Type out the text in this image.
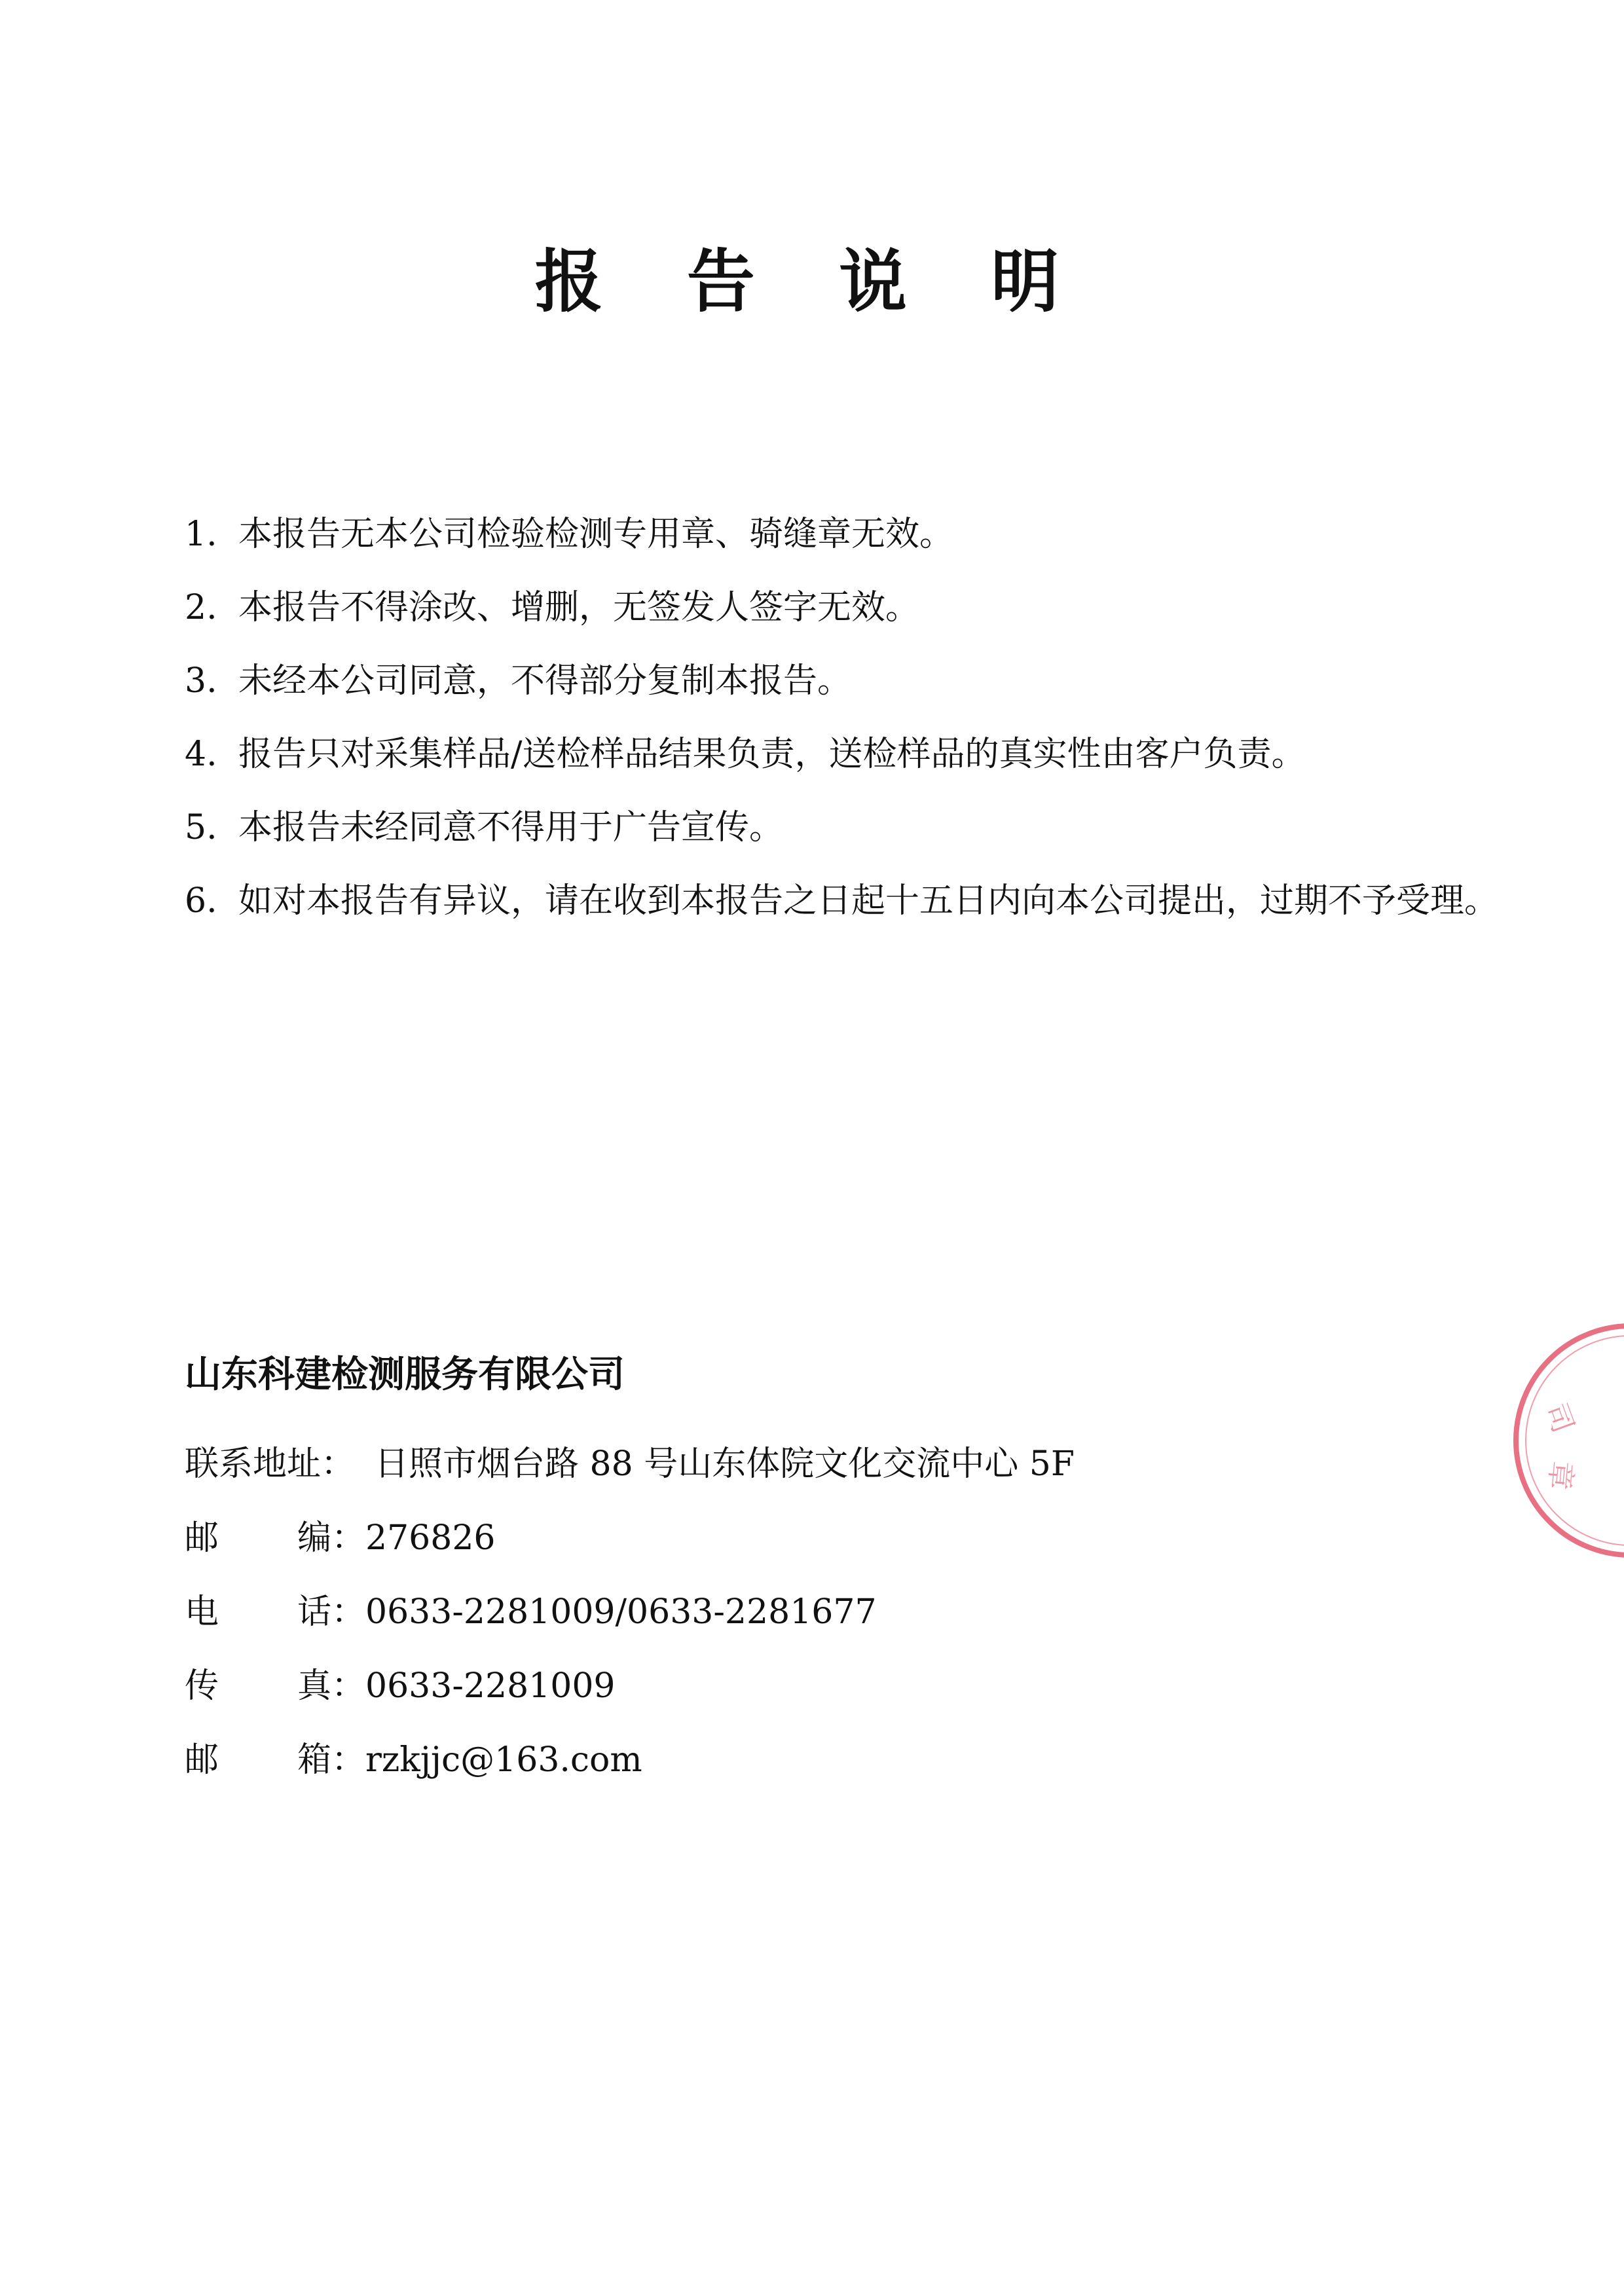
报 告 说 明
1. 本报告无本公司检验检测专用章、骑缝章无效。
2. 本报告不得涂改、增删，无签发人签字无效。
3. 未经本公司同意，不得部分复制本报告。
4. 报告只对采集样品/送检样品结果负责，送检样品的真实性由客户负责。
5. 本报告未经同意不得用于广告宣传。
6. 如对本报告有异议，请在收到本报告之日起十五日内向本公司提出，过期不予受理。
山东科建检测服务有限公司
联系地址： 日照市烟台路 88 号山东体院文化交流中心 5F
邮 编：276826
电 话：0633-2281009/0633-2281677
传 真：0633-2281009
邮 箱：rzkjjc@163.com
司
章
